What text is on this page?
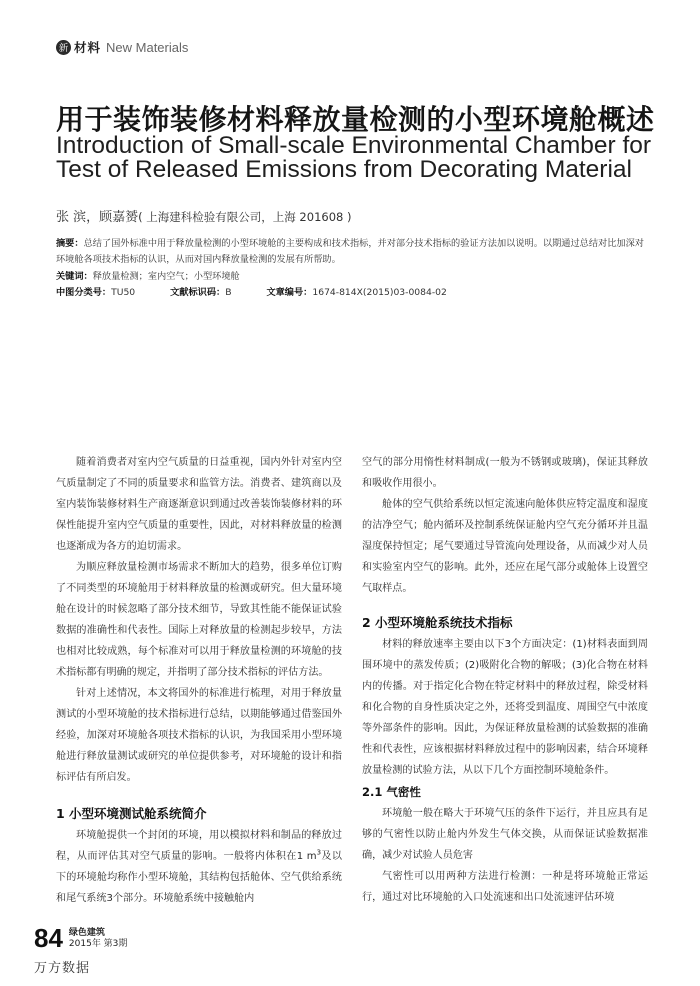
新 材料 New Materials
用于装饰装修材料释放量检测的小型环境舱概述
Introduction of Small-scale Environmental Chamber for Test of Released Emissions from Decorating Material
张 滨，顾嘉赟( 上海建科检验有限公司，上海 201608 )
摘要：总结了国外标准中用于释放量检测的小型环境舱的主要构成和技术指标，并对部分技术指标的验证方法加以说明。以期通过总结对比加深对环境舱各项技术指标的认识，从而对国内释放量检测的发展有所帮助。
关键词：释放量检测；室内空气；小型环境舱
中图分类号：TU50	文献标识码：B	文章编号：1674-814X(2015)03-0084-02

随着消费者对室内空气质量的日益重视，国内外针对室内空气质量制定了不同的质量要求和监管方法。消费者、建筑商以及室内装饰装修材料生产商逐渐意识到通过改善装饰装修材料的环保性能提升室内空气质量的重要性，因此，对材料释放量的检测也逐渐成为各方的迫切需求。

为顺应释放量检测市场需求不断加大的趋势，很多单位订购了不同类型的环境舱用于材料释放量的检测或研究。但大量环境舱在设计的时候忽略了部分技术细节，导致其性能不能保证试验数据的准确性和代表性。国际上对释放量的检测起步较早，方法也相对比较成熟，每个标准对可以用于释放量检测的环境舱的技术指标都有明确的规定，并指明了部分技术指标的评估方法。

针对上述情况，本文将国外的标准进行梳理，对用于释放量测试的小型环境舱的技术指标进行总结，以期能够通过借鉴国外经验，加深对环境舱各项技术指标的认识，为我国采用小型环境舱进行释放量测试或研究的单位提供参考，对环境舱的设计和指标评估有所启发。

1 小型环境测试舱系统简介

环境舱提供一个封闭的环境，用以模拟材料和制品的释放过程，从而评估其对空气质量的影响。一般将内体积在1 $m^3$及以下的环境舱均称作小型环境舱，其结构包括舱体、空气供给系统和尾气系统3个部分。环境舱系统中接触舱内

空气的部分用惰性材料制成(一般为不锈钢或玻璃)，保证其释放和吸收作用很小。

舱体的空气供给系统以恒定流速向舱体供应特定温度和湿度的洁净空气；舱内循环及控制系统保证舱内空气充分循环并且温湿度保持恒定；尾气要通过导管流向处理设备，从而减少对人员和实验室内空气的影响。此外，还应在尾气部分或舱体上设置空气取样点。

2 小型环境舱系统技术指标

材料的释放速率主要由以下3个方面决定：(1)材料表面到周围环境中的蒸发传质；(2)吸附化合物的解吸；(3)化合物在材料内的传播。对于指定化合物在特定材料中的释放过程，除受材料和化合物的自身性质决定之外，还将受到温度、周围空气中浓度等外部条件的影响。因此，为保证释放量检测的试验数据的准确性和代表性，应该根据材料释放过程中的影响因素，结合环境释放量检测的试验方法，从以下几个方面控制环境舱条件。

2.1 气密性

环境舱一般在略大于环境气压的条件下运行，并且应具有足够的气密性以防止舱内外发生气体交换，从而保证试验数据准确，减少对试验人员危害

气密性可以用两种方法进行检测：一种是将环境舱正常运行，通过对比环境舱的入口处流速和出口处流速评估环境

84 绿色建筑
2015年 第3期
万方数据
